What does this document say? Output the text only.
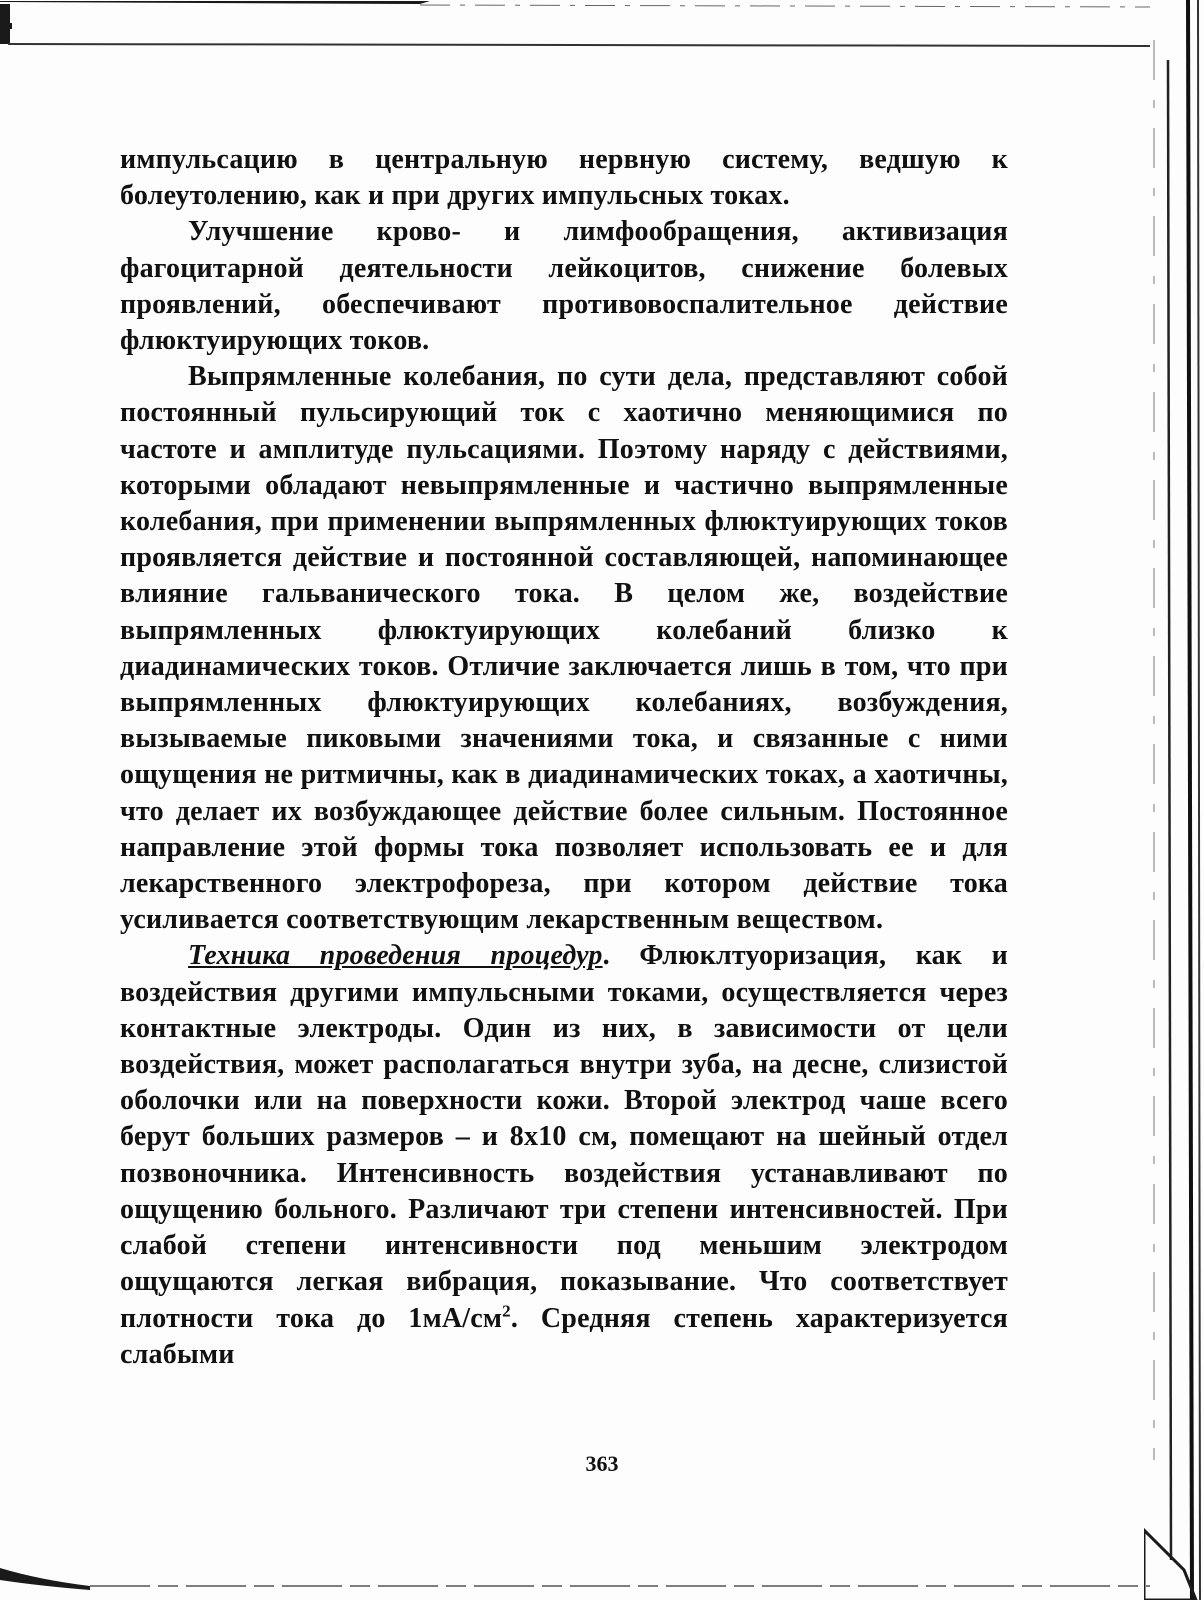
импульсацию в центральную нервную систему, ведшую к болеутолению, как и при других импульсных токах.

Улучшение крово- и лимфообращения, активизация фагоцитарной деятельности лейкоцитов, снижение болевых проявлений, обеспечивают противовоспалительное действие флюктуирующих токов.

Выпрямленные колебания, по сути дела, представляют собой постоянный пульсирующий ток с хаотично меняющимися по частоте и амплитуде пульсациями. Поэтому наряду с действиями, которыми обладают невыпрямленные и частично выпрямленные колебания, при применении выпрямленных флюктуирующих токов проявляется действие и постоянной составляющей, напоминающее влияние гальванического тока. В целом же, воздействие выпрямленных флюктуирующих колебаний близко к диадинамических токов. Отличие заключается лишь в том, что при выпрямленных флюктуирующих колебаниях, возбуждения, вызываемые пиковыми значениями тока, и связанные с ними ощущения не ритмичны, как в диадинамических токах, а хаотичны, что делает их возбуждающее действие более сильным. Постоянное направление этой формы тока позволяет использовать ее и для лекарственного электрофореза, при котором действие тока усиливается соответствующим лекарственным веществом.

Техника проведения процедур. Флюклтуоризация, как и воздействия другими импульсными токами, осуществляется через контактные электроды. Один из них, в зависимости от цели воздействия, может располагаться внутри зуба, на десне, слизистой оболочки или на поверхности кожи. Второй электрод чаше всего берут больших размеров – и 8x10 см, помещают на шейный отдел позвоночника. Интенсивность воздействия устанавливают по ощущению больного. Различают три степени интенсивностей. При слабой степени интенсивности под меньшим электродом ощущаются легкая вибрация, показывание. Что соответствует плотности тока до $1мА/см^2$. Средняя степень характеризуется слабыми

363
